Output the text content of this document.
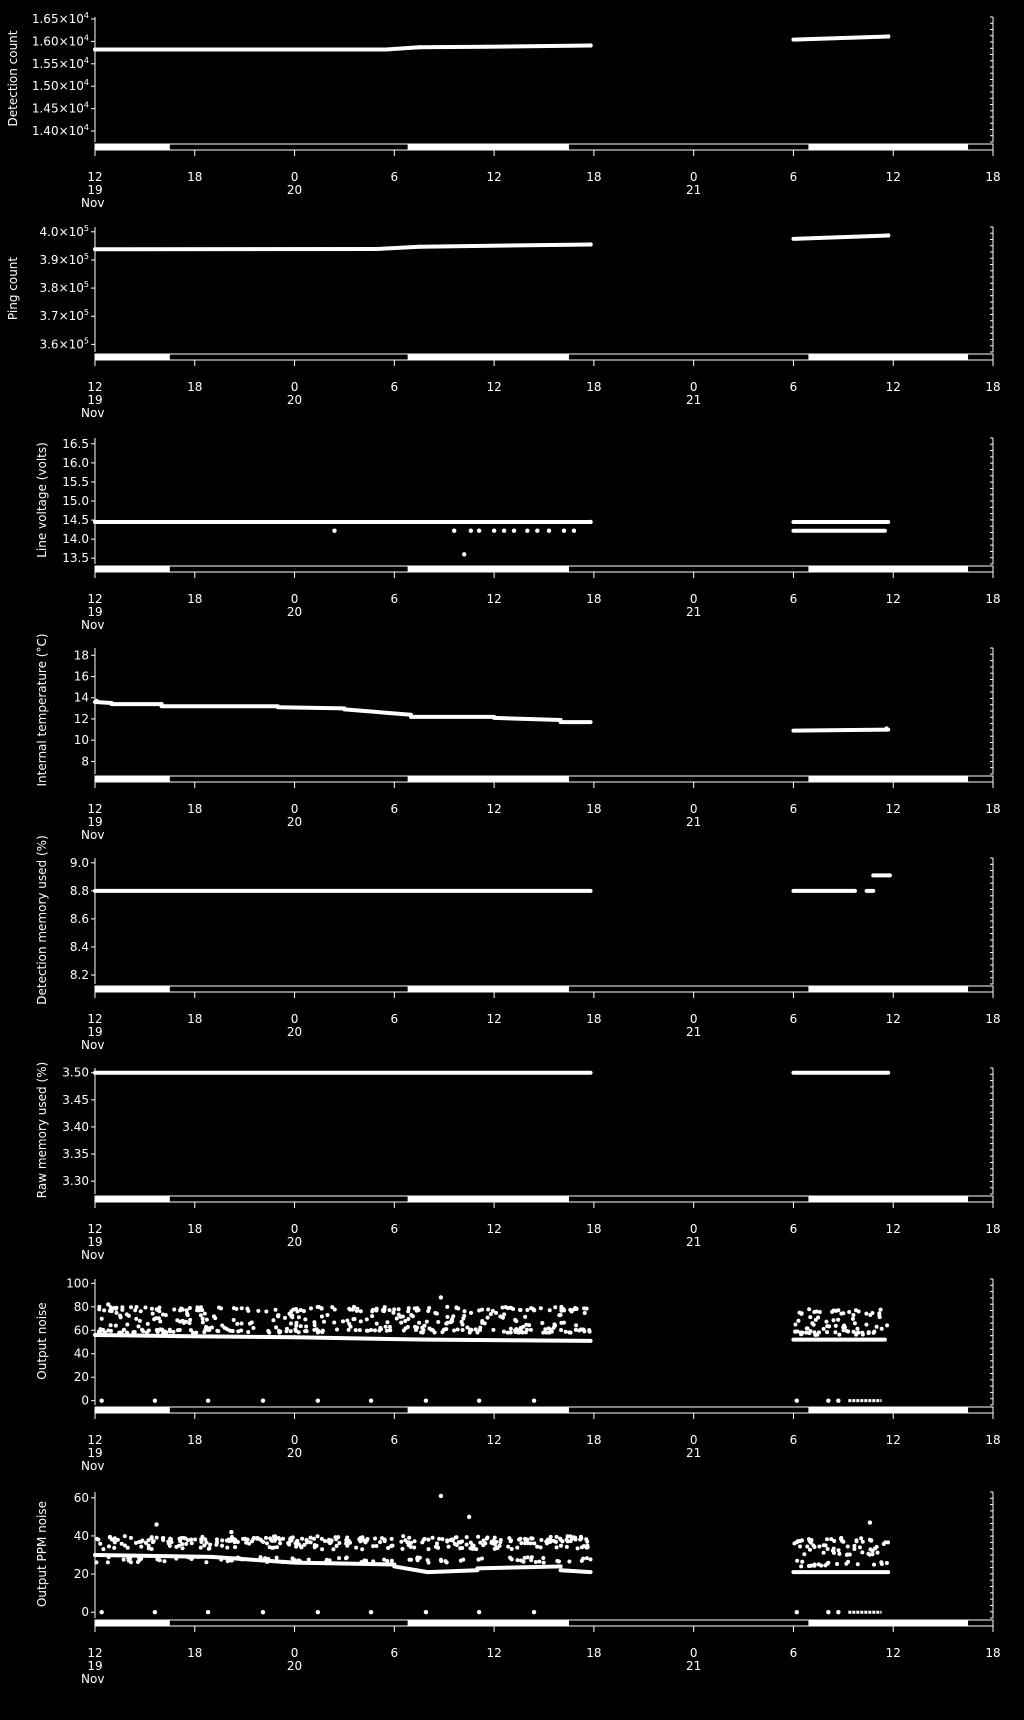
$1.40\times 10^4$
$1.45\times 10^4$
$1.50\times 10^4$
$1.55\times 10^4$
$1.60\times 10^4$
$1.65\times 10^4$
Detection count
12
19
Nov
18	0
20
6	12	18	0
21
6	12	18
$3.6\times 10^5$
$3.7\times 10^5$
$3.8\times 10^5$
$3.9\times 10^5$
$4.0\times 10^5$
Ping count
12
19
Nov
18	0
20
6	12	18	0
21
6	12	18
13.5
14.0
14.5
15.0
15.5
16.0
16.5
Line voltage (volts)
12
19
Nov
18	0
20
6	12	18	0
21
6	12	18
8
10
12
14
16
18
Internal temperature (°C)
12
19
Nov
18	0
20
6	12	18	0
21
6	12	18
8.2
8.4
8.6
8.8
9.0
Detection memory used (%)
12
19
Nov
18	0
20
6	12	18	0
21
6	12	18
3.30
3.35
3.40
3.45
3.50
Raw memory used (%)
12
19
Nov
18	0
20
6	12	18	0
21
6	12	18
0
20
40
60
80
100
Output noise
12
19
Nov
18	0
20
6	12	18	0
21
6	12	18
0
20
40
60
Output PPM noise
12
19
Nov
18	0
20
6	12	18	0
21
6	12	18
